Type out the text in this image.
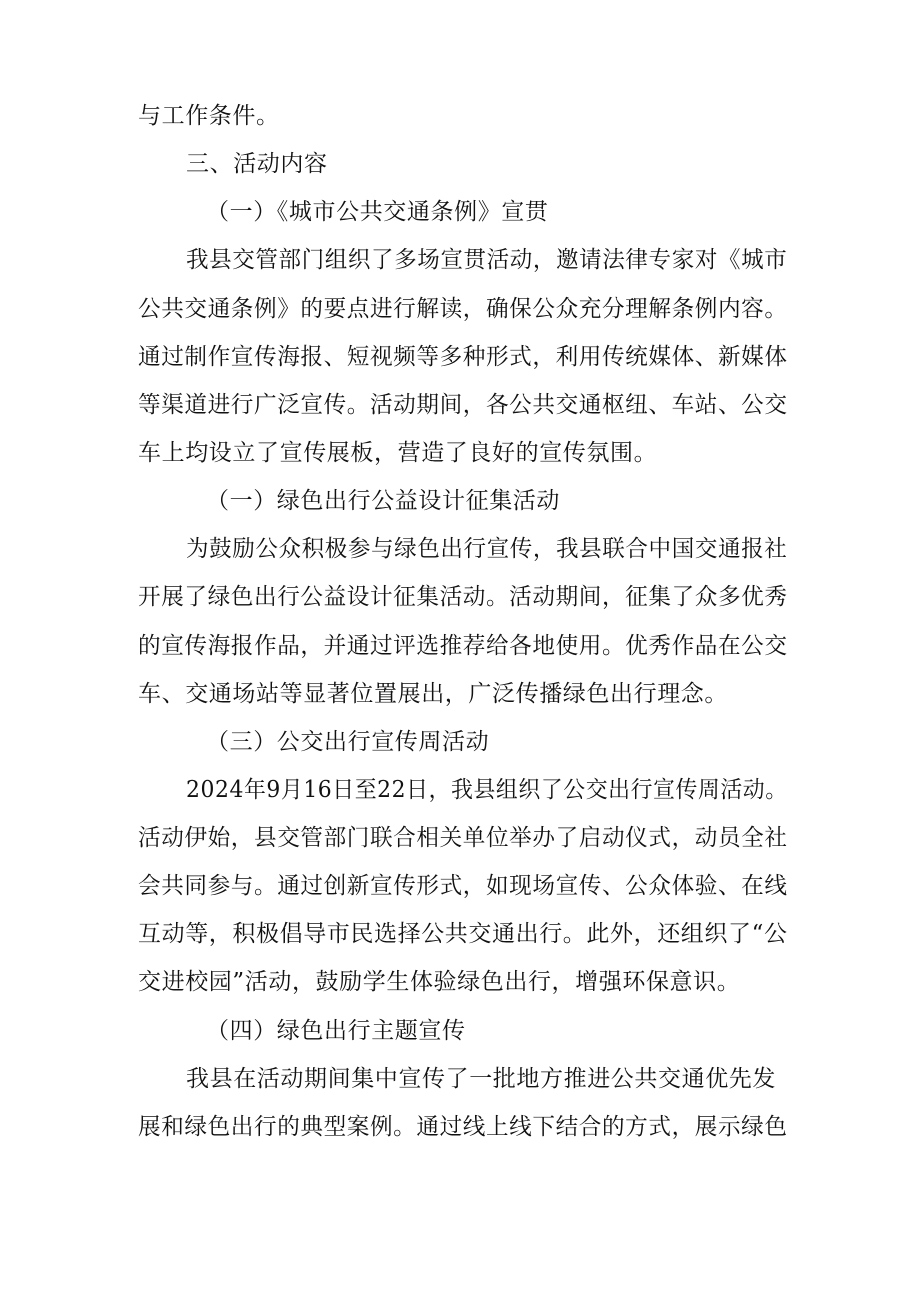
与工作条件。
三、活动内容
（一）《城市公共交通条例》宣贯
我县交管部门组织了多场宣贯活动，邀请法律专家对《城市
公共交通条例》的要点进行解读，确保公众充分理解条例内容。
通过制作宣传海报、短视频等多种形式，利用传统媒体、新媒体
等渠道进行广泛宣传。活动期间，各公共交通枢纽、车站、公交
车上均设立了宣传展板，营造了良好的宣传氛围。
（一）绿色出行公益设计征集活动
为鼓励公众积极参与绿色出行宣传，我县联合中国交通报社
开展了绿色出行公益设计征集活动。活动期间，征集了众多优秀
的宣传海报作品，并通过评选推荐给各地使用。优秀作品在公交
车、交通场站等显著位置展出，广泛传播绿色出行理念。
（三）公交出行宣传周活动
2024年9月16日至22日，我县组织了公交出行宣传周活动。
活动伊始，县交管部门联合相关单位举办了启动仪式，动员全社
会共同参与。通过创新宣传形式，如现场宣传、公众体验、在线
互动等，积极倡导市民选择公共交通出行。此外，还组织了“公
交进校园”活动，鼓励学生体验绿色出行，增强环保意识。
（四）绿色出行主题宣传
我县在活动期间集中宣传了一批地方推进公共交通优先发
展和绿色出行的典型案例。通过线上线下结合的方式，展示绿色
